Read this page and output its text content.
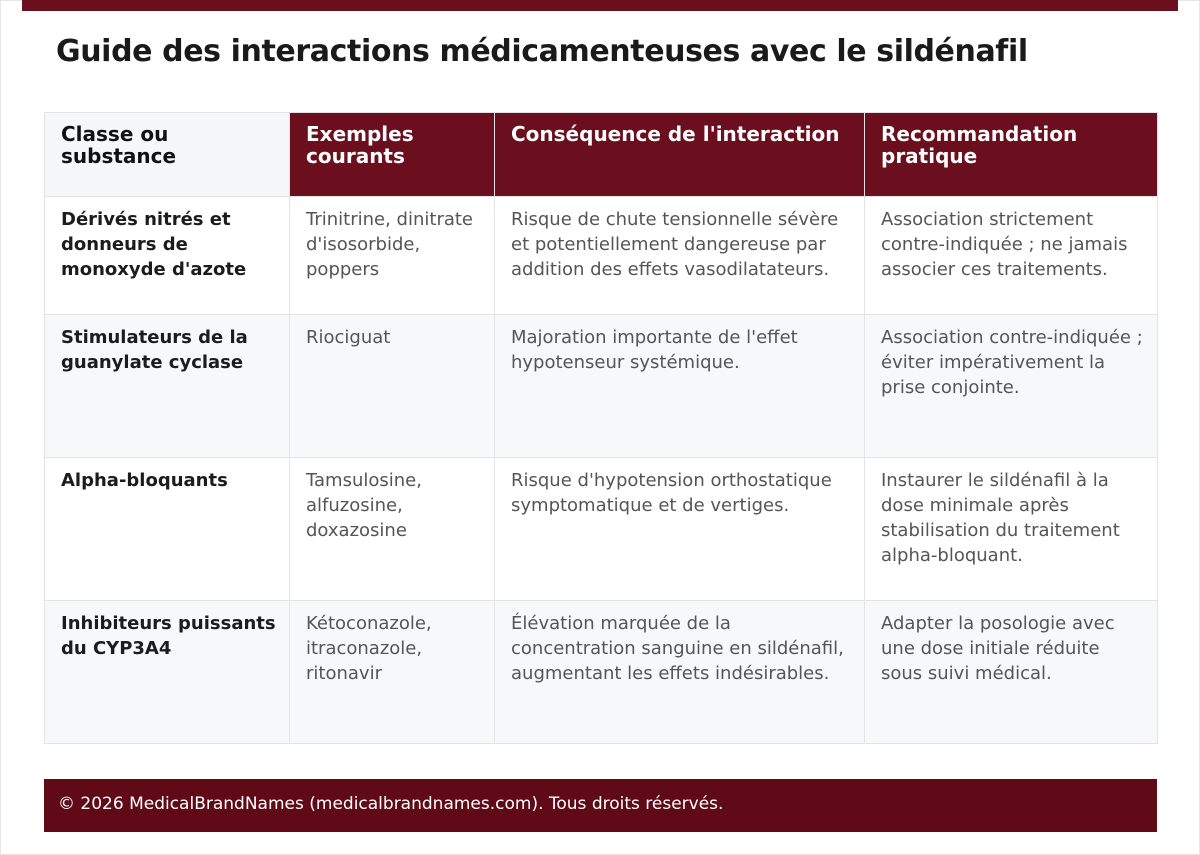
Guide des interactions médicamenteuses avec le sildénafil
Classe ou substance	Exemples courants	Conséquence de l'interaction	Recommandation pratique
Dérivés nitrés et donneurs de monoxyde d'azote	Trinitrine, dinitrate d'isosorbide, poppers	Risque de chute tensionnelle sévère et potentiellement dangereuse par addition des effets vasodilatateurs.	Association strictement contre-indiquée ; ne jamais associer ces traitements.
Stimulateurs de la guanylate cyclase	Riociguat	Majoration importante de l'effet hypotenseur systémique.	Association contre-indiquée ; éviter impérativement la prise conjointe.
Alpha-bloquants	Tamsulosine, alfuzosine, doxazosine	Risque d'hypotension orthostatique symptomatique et de vertiges.	Instaurer le sildénafil à la dose minimale après stabilisation du traitement alpha-bloquant.
Inhibiteurs puissants du CYP3A4	Kétoconazole, itraconazole, ritonavir	Élévation marquée de la concentration sanguine en sildénafil, augmentant les effets indésirables.	Adapter la posologie avec une dose initiale réduite sous suivi médical.
© 2026 MedicalBrandNames (medicalbrandnames.com). Tous droits réservés.
